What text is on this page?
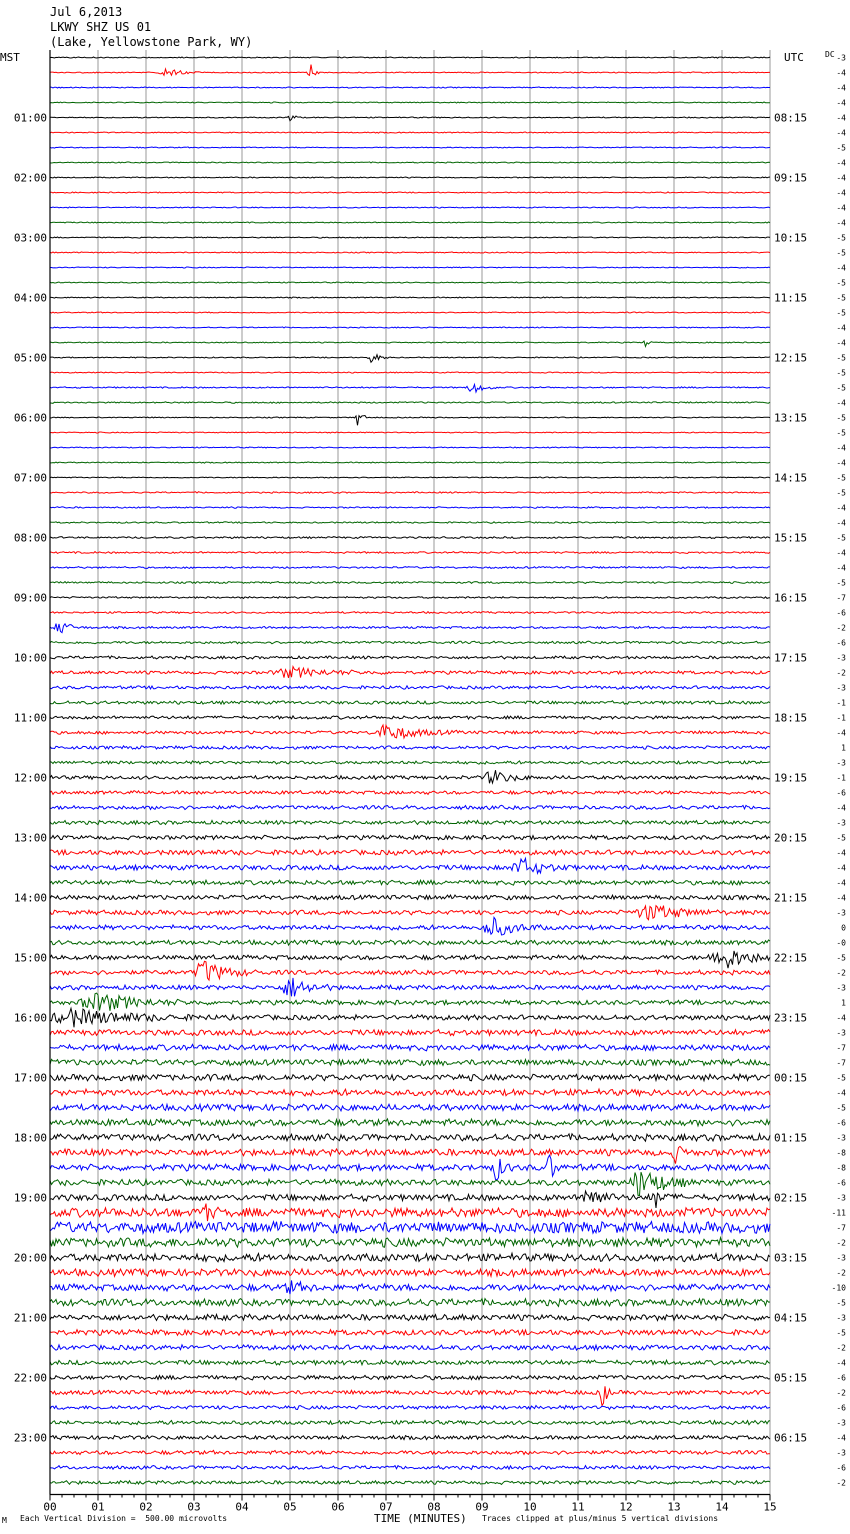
Jul 6,2013
LKWY SHZ US 01
(Lake, Yellowstone Park, WY)
MST	UTC	DC
01:00
02:00
03:00
04:00
05:00
06:00
07:00
08:00
09:00
10:00
11:00
12:00
13:00
14:00
15:00
16:00
17:00
18:00
19:00
20:00
21:00
22:00
23:00
08:15
09:15
10:15
11:15
12:15
13:15
14:15
15:15
16:15
17:15
18:15
19:15
20:15
21:15
22:15
23:15
00:15
01:15
02:15
03:15
04:15
05:15
06:15
-3
-4
-4
-4
-4
-4
-5
-4
-4
-4
-4
-4
-5
-5
-4
-5
-5
-5
-4
-4
-5
-5
-5
-4
-5
-5
-4
-4
-5
-5
-4
-4
-5
-4
-4
-5
-7
-6
-2
-6
-3
-2
-3
-1
-1
-4
1
-3
-1
-6
-4
-3
-5
-4
-4
-4
-4
-3
0
-0
-5
-2
-3
1
-4
-3
-7
-7
-5
-4
-5
-6
-3
-8
-8
-6
-3
-11
-7
-2
-3
-2
-10
-5
-3
-5
-2
-4
-6
-2
-6
-3
-4
-3
-6
-2
00	01	02	03	04	05	06	07	08	09	10	11	12	13	14	15
TIME (MINUTES)
M Each Vertical Division =  500.00 microvolts	Traces clipped at plus/minus 5 vertical divisions
